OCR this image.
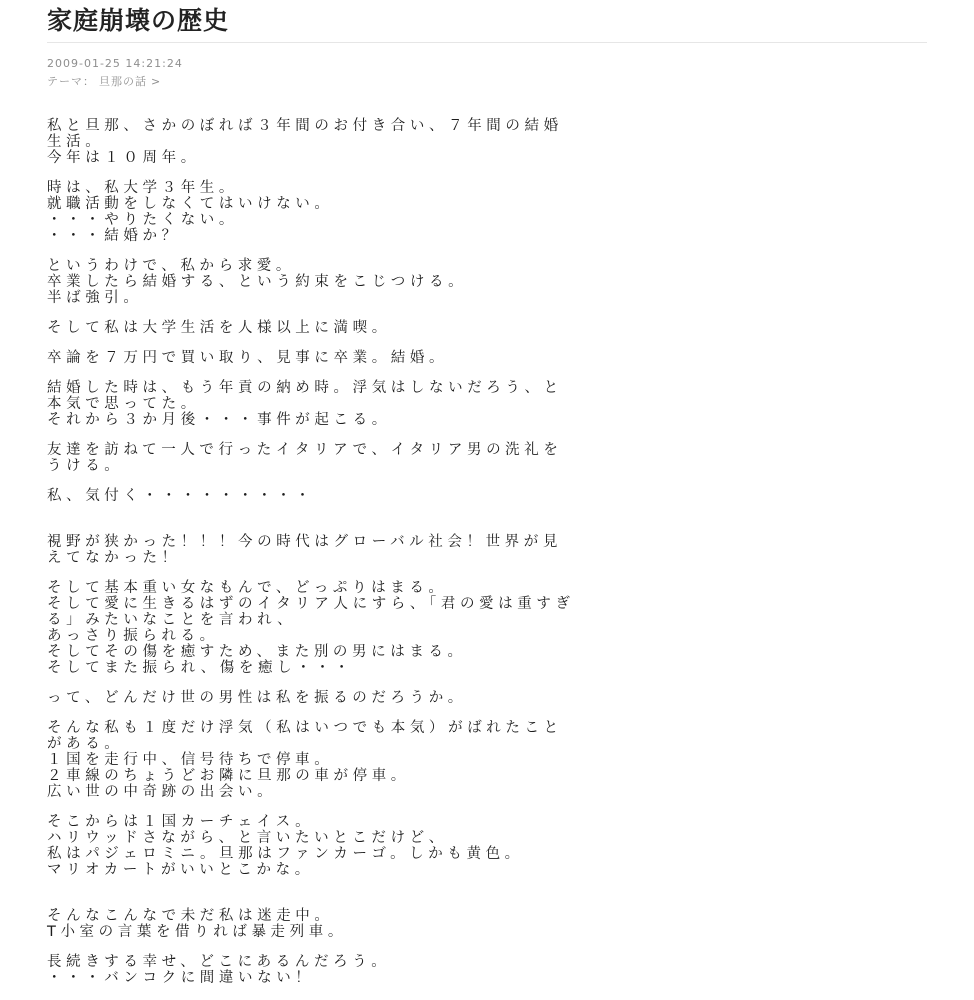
家庭崩壊の歴史
2009-01-25 14:21:24
テーマ： 旦那の話 >

私と旦那、さかのぼれば３年間のお付き合い、７年間の結婚
生活。
今年は１０周年。

時は、私大学３年生。
就職活動をしなくてはいけない。
・・・やりたくない。
・・・結婚か？

というわけで、私から求愛。
卒業したら結婚する、という約束をこじつける。
半ば強引。

そして私は大学生活を人様以上に満喫。

卒論を７万円で買い取り、見事に卒業。結婚。

結婚した時は、もう年貢の納め時。浮気はしないだろう、と
本気で思ってた。
それから３か月後・・・事件が起こる。

友達を訪ねて一人で行ったイタリアで、イタリア男の洗礼を
うける。

私、気付く・・・・・・・・・

視野が狭かった！！！今の時代はグローバル社会！世界が見
えてなかった！

そして基本重い女なもんで、どっぷりはまる。
そして愛に生きるはずのイタリア人にすら、「君の愛は重すぎ
る」みたいなことを言われ、
あっさり振られる。
そしてその傷を癒すため、また別の男にはまる。
そしてまた振られ、傷を癒し・・・

って、どんだけ世の男性は私を振るのだろうか。

そんな私も１度だけ浮気（私はいつでも本気）がばれたこと
がある。
１国を走行中、信号待ちで停車。
２車線のちょうどお隣に旦那の車が停車。
広い世の中奇跡の出会い。

そこからは１国カーチェイス。
ハリウッドさながら、と言いたいとこだけど、
私はパジェロミニ。旦那はファンカーゴ。しかも黄色。
マリオカートがいいとこかな。

そんなこんなで未だ私は迷走中。
T小室の言葉を借りれば暴走列車。

長続きする幸せ、どこにあるんだろう。
・・・バンコクに間違いない！
